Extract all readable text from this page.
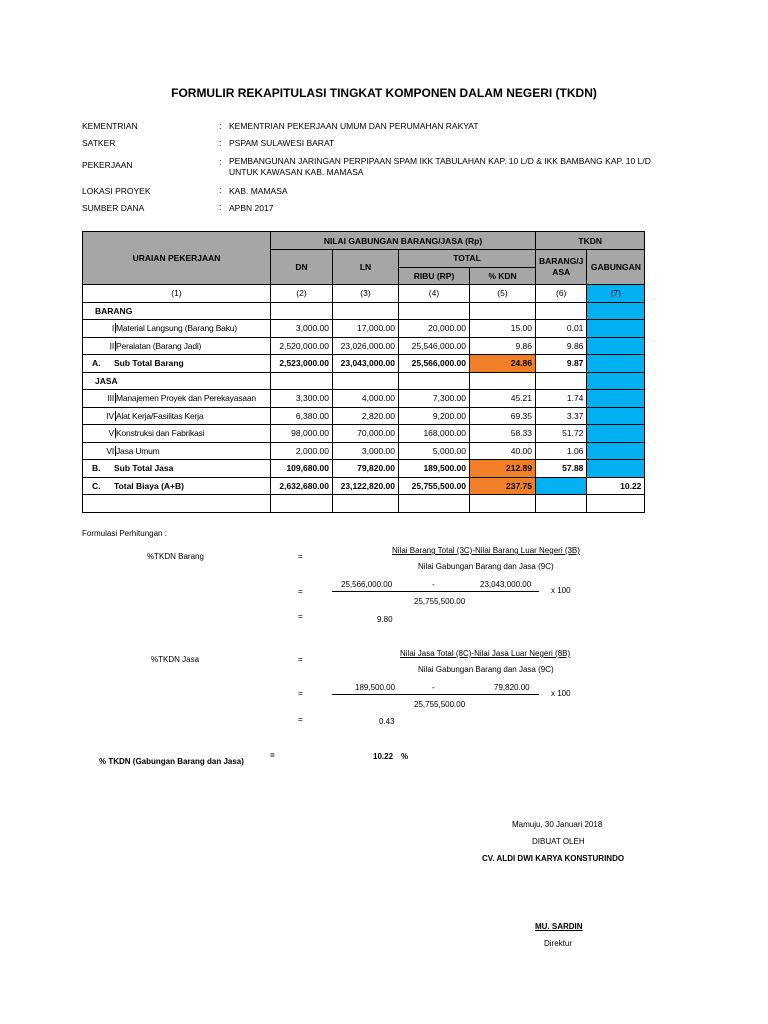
FORMULIR REKAPITULASI TINGKAT KOMPONEN DALAM NEGERI (TKDN)
KEMENTRIAN	: KEMENTRIAN PEKERJAAN UMUM DAN PERUMAHAN RAKYAT
SATKER	: PSPAM SULAWESI BARAT
PEKERJAAN	: PEMBANGUNAN JARINGAN PERPIPAAN SPAM IKK TABULAHAN KAP. 10 L/D & IKK BAMBANG KAP. 10 L/D
UNTUK KAWASAN KAB. MAMASA
LOKASI PROYEK	: KAB. MAMASA
SUMBER DANA	: APBN 2017
URAIAN PEKERJAAN	NILAI GABUNGAN BARANG/JASA (Rp)				TKDN	
	DN	LN	TOTAL		BARANG/J
ASA	GABUNGAN
			RIBU (RP)	% KDN		
(1)	(2)	(3)	(4)	(5)	(6)	(7)
BARANG						
I Material Langsung (Barang Baku)	3,000.00	17,000.00	20,000.00	15.00	0.01	
II Peralatan (Barang Jadi)	2,520,000.00	23,026,000.00	25,546,000.00	9.86	9.86	
A. Sub Total Barang	2,523,000.00	23,043,000.00	25,566,000.00	24.86	9.87	
JASA						
III Manajemen Proyek dan Perekayasaan	3,300.00	4,000.00	7,300.00	45.21	1.74	
IV Alat Kerja/Fasilitas Kerja	6,380.00	2,820.00	9,200.00	69.35	3.37	
V Konstruksi dan Fabrikasi	98,000.00	70,000.00	168,000.00	58.33	51.72	
VI Jasa Umum	2,000.00	3,000.00	5,000.00	40.00	1.06	
B. Sub Total Jasa	109,680.00	79,820.00	189,500.00	212.89	57.88	
C. Total Biaya (A+B)	2,632,680.00	23,122,820.00	25,755,500.00	237.75		10.22

Formulasi Perhitungan :
%TKDN Barang	=
Nilai Barang Total (3C)-Nilai Barang Luar Negeri (3B)
Nilai Gabungan Barang dan Jasa (9C)
=
25,566,000.00	-	23,043,000.00
x 100
25,755,500.00
=	9.80
%TKDN Jasa	=
Nilai Jasa Total (8C)-Nilai Jasa Luar Negeri (8B)
Nilai Gabungan Barang dan Jasa (9C)
=
189,500.00	-	79,820.00
x 100
25,755,500.00
=	0.43
% TKDN (Gabungan Barang dan Jasa)
=	10.22 %
Mamuju, 30 Januari 2018
DIBUAT OLEH
CV. ALDI DWI KARYA KONSTURINDO
MU. SARDIN
Direktur
